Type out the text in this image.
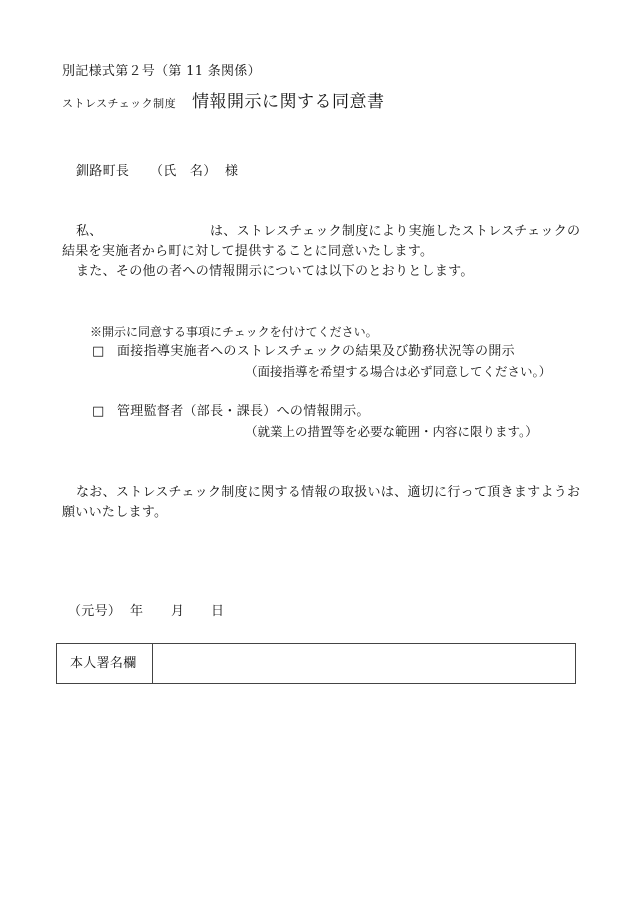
別記様式第２号（第 11 条関係）
ストレスチェック制度 情報開示に関する同意書
釧路町長 （氏　名） 様
私、	は、ストレスチェック制度により実施したストレスチェックの
結果を実施者から町に対して提供することに同意いたします。
また、その他の者への情報開示については以下のとおりとします。
※開示に同意する事項にチェックを付けてください。
□ 面接指導実施者へのストレスチェックの結果及び勤務状況等の開示
（面接指導を希望する場合は必ず同意してください。）
□ 管理監督者（部長・課長）への情報開示。
（就業上の措置等を必要な範囲・内容に限ります。）
なお、ストレスチェック制度に関する情報の取扱いは、適切に行って頂きますようお
願いいたします。
（元号） 年 月 日
本人署名欄
